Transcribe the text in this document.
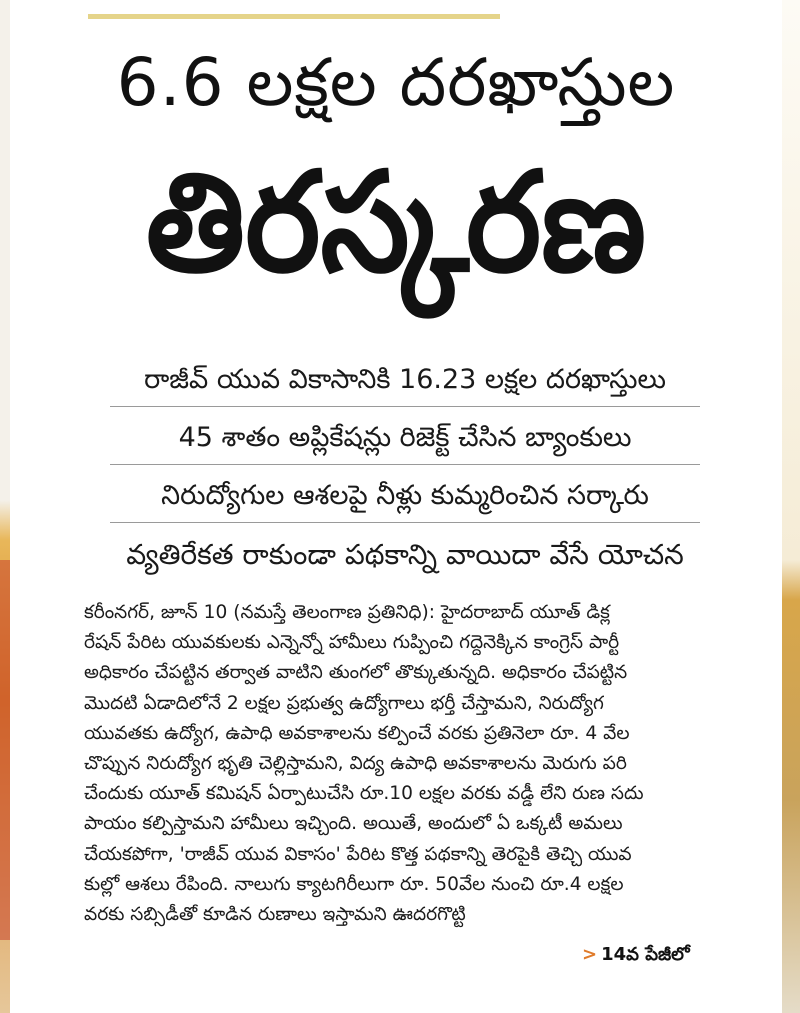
6.6 లక్షల దరఖాస్తుల
తిరస్కరణ
రాజీవ్ యువ వికాసానికి 16.23 లక్షల దరఖాస్తులు
45 శాతం అప్లికేషన్లు రిజెక్ట్ చేసిన బ్యాంకులు
నిరుద్యోగుల ఆశలపై నీళ్లు కుమ్మరించిన సర్కారు
వ్యతిరేకత రాకుండా పథకాన్ని వాయిదా వేసే యోచన
కరీంనగర్, జూన్ 10 (నమస్తే తెలంగాణ ప్రతినిధి): హైదరాబాద్ యూత్ డిక్ల
రేషన్ పేరిట యువకులకు ఎన్నెన్నో హామీలు గుప్పించి గద్దెనెక్కిన కాంగ్రెస్ పార్టీ
అధికారం చేపట్టిన తర్వాత వాటిని తుంగలో తొక్కుతున్నది. అధికారం చేపట్టిన
మొదటి ఏడాదిలోనే 2 లక్షల ప్రభుత్వ ఉద్యోగాలు భర్తీ చేస్తామని, నిరుద్యోగ
యువతకు ఉద్యోగ, ఉపాధి అవకాశాలను కల్పించే వరకు ప్రతినెలా రూ. 4 వేల
చొప్పున నిరుద్యోగ భృతి చెల్లిస్తామని, విద్య ఉపాధి అవకాశాలను మెరుగు పరి
చేందుకు యూత్ కమిషన్ ఏర్పాటుచేసి రూ.10 లక్షల వరకు వడ్డీ లేని రుణ సదు
పాయం కల్పిస్తామని హామీలు ఇచ్చింది. అయితే, అందులో ఏ ఒక్కటీ అమలు
చేయకపోగా, 'రాజీవ్ యువ వికాసం' పేరిట కొత్త పథకాన్ని తెరపైకి తెచ్చి యువ
కుల్లో ఆశలు రేపింది. నాలుగు క్యాటగిరీలుగా రూ. 50వేల నుంచి రూ.4 లక్షల
వరకు సబ్సిడీతో కూడిన రుణాలు ఇస్తామని ఊదరగొట్టి
> 14వ పేజీలో
